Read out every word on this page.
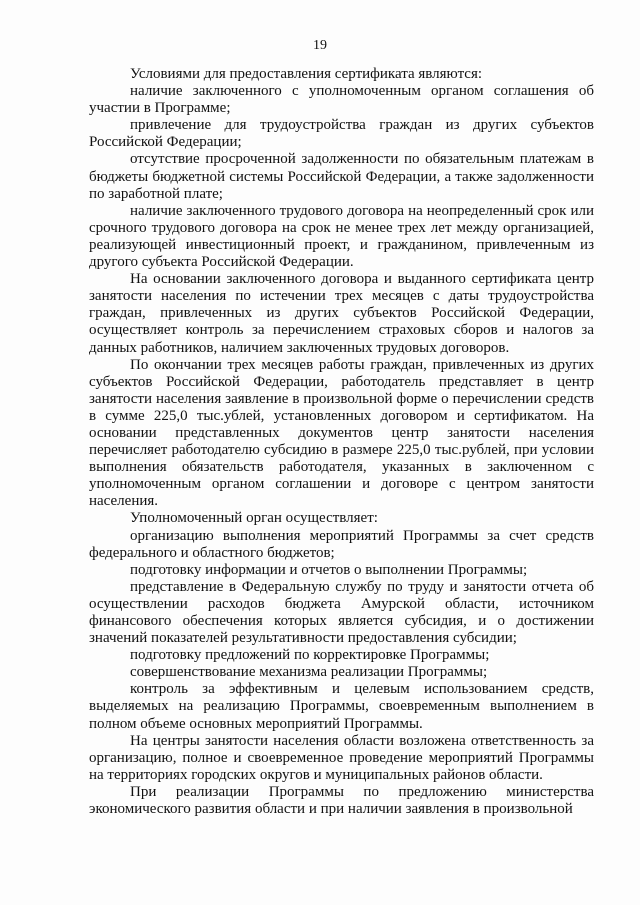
19

Условиями для предоставления сертификата являются:

наличие заключенного с уполномоченным органом соглашения об участии в Программе;

привлечение для трудоустройства граждан из других субъектов Российской Федерации;

отсутствие просроченной задолженности по обязательным платежам в бюджеты бюджетной системы Российской Федерации, а также задолженности по заработной плате;

наличие заключенного трудового договора на неопределенный срок или срочного трудового договора на срок не менее трех лет между организацией, реализующей инвестиционный проект, и гражданином, привлеченным из другого субъекта Российской Федерации.

На основании заключенного договора и выданного сертификата центр занятости населения по истечении трех месяцев с даты трудоустройства граждан, привлеченных из других субъектов Российской Федерации, осуществляет контроль за перечислением страховых сборов и налогов за данных работников, наличием заключенных трудовых договоров.

По окончании трех месяцев работы граждан, привлеченных из других субъектов Российской Федерации, работодатель представляет в центр занятости населения заявление в произвольной форме о перечислении средств в сумме 225,0 тыс.ублей, установленных договором и сертификатом. На основании представленных документов центр занятости населения перечисляет работодателю субсидию в размере 225,0 тыс.рублей, при условии выполнения обязательств работодателя, указанных в заключенном с уполномоченным органом соглашении и договоре с центром занятости населения.

Уполномоченный орган осуществляет:

организацию выполнения мероприятий Программы за счет средств федерального и областного бюджетов;

подготовку информации и отчетов о выполнении Программы;

представление в Федеральную службу по труду и занятости отчета об осуществлении расходов бюджета Амурской области, источником финансового обеспечения которых является субсидия, и о достижении значений показателей результативности предоставления субсидии;

подготовку предложений по корректировке Программы;

совершенствование механизма реализации Программы;

контроль за эффективным и целевым использованием средств, выделяемых на реализацию Программы, своевременным выполнением в полном объеме основных мероприятий Программы.

На центры занятости населения области возложена ответственность за организацию, полное и своевременное проведение мероприятий Программы на территориях городских округов и муниципальных районов области.

При реализации Программы по предложению министерства экономического развития области и при наличии заявления в произвольной
